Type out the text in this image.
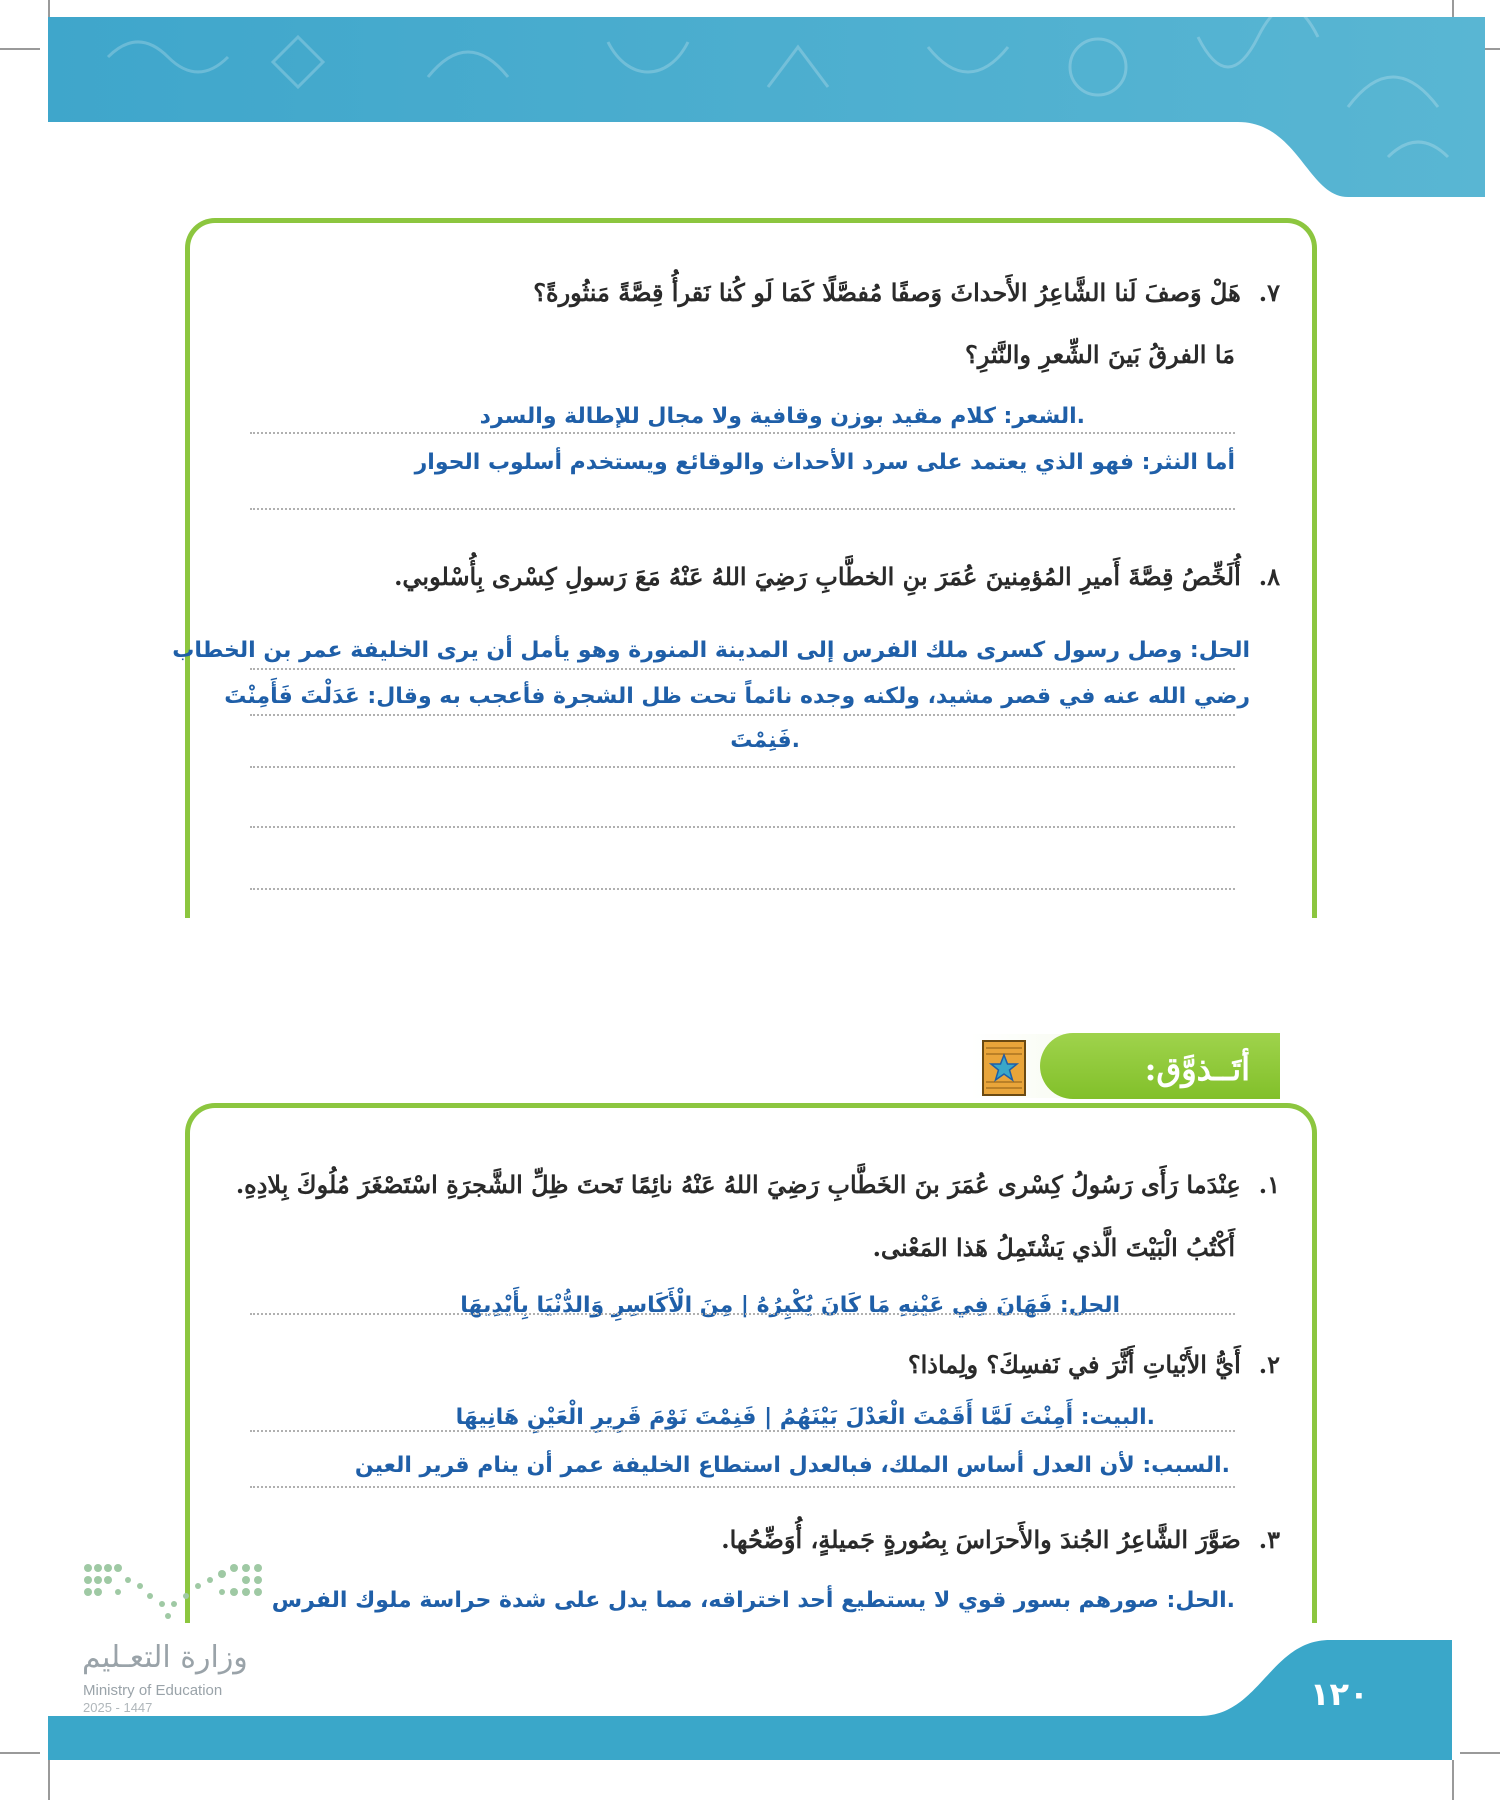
٧.هَلْ وَصفَ لَنا الشَّاعِرُ الأَحداثَ وَصفًا مُفصَّلًا كَمَا لَو كُنا نَقرأُ قِصَّةً مَنثُورةً؟
مَا الفرقُ بَينَ الشِّعرِ والنَّثرِ؟
.الشعر: كلام مقيد بوزن وقافية ولا مجال للإطالة والسرد
أما النثر: فهو الذي يعتمد على سرد الأحداث والوقائع ويستخدم أسلوب الحوار
٨.أُلَخِّصُ قِصَّةَ أَميرِ المُؤمِنينَ عُمَرَ بنِ الخطَّابِ رَضِيَ اللهُ عَنْهُ مَعَ رَسولِ كِسْرى بِأُسْلوبي.
الحل: وصل رسول كسرى ملك الفرس إلى المدينة المنورة وهو يأمل أن يرى الخليفة عمر بن الخطاب
رضي الله عنه في قصر مشيد، ولكنه وجده نائماً تحت ظل الشجرة فأعجب به وقال: عَدَلْتَ فَأَمِنْتَ
.فَنِمْتَ
أتَــذوَّق:
١.عِنْدَما رَأَى رَسُولُ كِسْرى عُمَرَ بنَ الخَطَّابِ رَضِيَ اللهُ عَنْهُ نائِمًا تَحتَ ظِلِّ الشَّجرَةِ اسْتَصْغَرَ مُلُوكَ بِلادِهِ.
أَكْتُبُ الْبَيْتَ الَّذي يَشْتَمِلُ هَذا المَعْنى.
الحل: فَهَانَ فِي عَيْنِهِ مَا كَانَ يُكْبِرُهُ | مِنَ الْأَكَاسِرِ وَالدُّنْيَا بِأَيْدِيهَا
٢.أَيُّ الأَبْياتِ أَثَّرَ في نَفسِكَ؟ ولِماذا؟
.البيت: أَمِنْتَ لَمَّا أَقَمْتَ الْعَدْلَ بَيْنَهُمُ | فَنِمْتَ نَوْمَ قَرِيرِ الْعَيْنِ هَانِيهَا
.السبب: لأن العدل أساس الملك، فبالعدل استطاع الخليفة عمر أن ينام قرير العين
٣.صَوَّرَ الشَّاعِرُ الجُندَ والأَحرَاسَ بِصُورةٍ جَميلةٍ، أُوَضِّحُها.
.الحل: صورهم بسور قوي لا يستطيع أحد اختراقه، مما يدل على شدة حراسة ملوك الفرس
١٢٠
وزارة التعـليم
Ministry of Education
2025 - 1447
